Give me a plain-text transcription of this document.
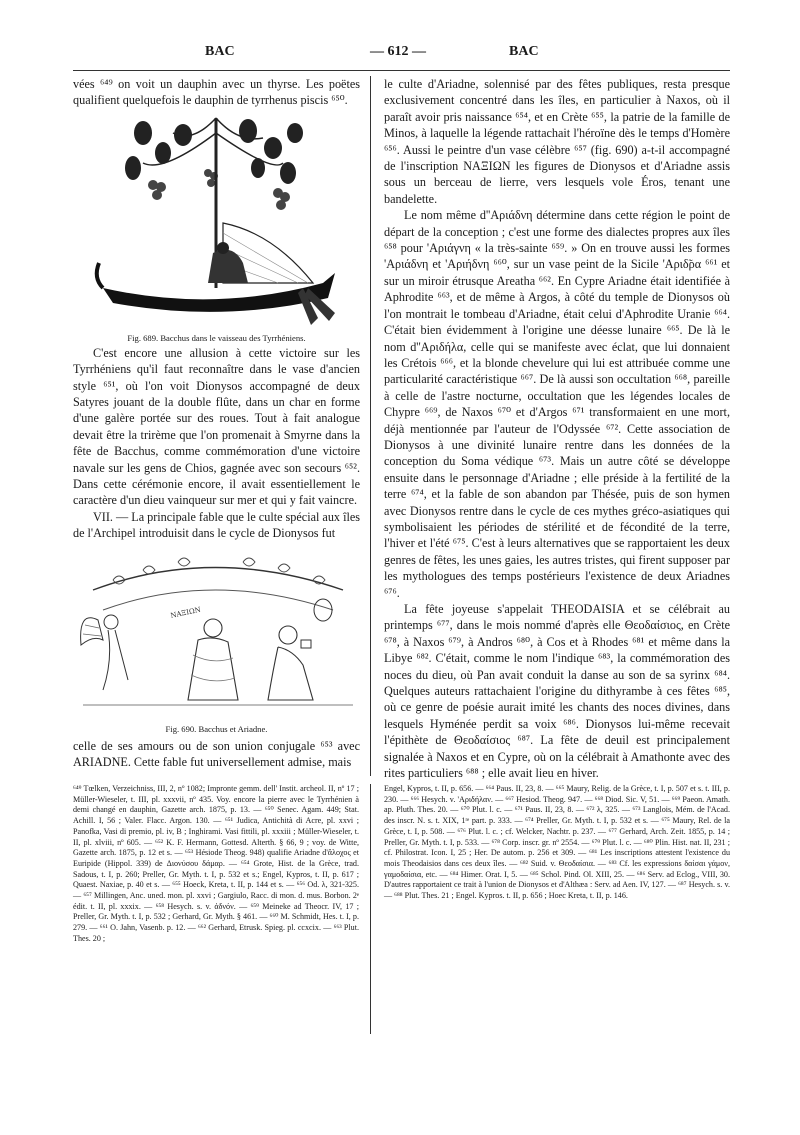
BAC	— 612 —	BAC

vées ⁶⁴⁹ on voit un dauphin avec un thyrse. Les poëtes qualifient quelquefois le dauphin de tyrrhenus piscis ⁶⁵⁰.

Fig. 689. Bacchus dans le vaisseau des Tyrrhéniens.

C'est encore une allusion à cette victoire sur les Tyrrhéniens qu'il faut reconnaître dans le vase d'ancien style ⁶⁵¹, où l'on voit Dionysos accompagné de deux Satyres jouant de la double flûte, dans un char en forme d'une galère portée sur des roues. Tout à fait analogue devait être la trirème que l'on promenait à Smyrne dans la fête de Bacchus, comme commémoration d'une victoire navale sur les gens de Chios, gagnée avec son secours ⁶⁵². Dans cette cérémonie encore, il avait essentiellement le caractère d'un dieu vainqueur sur mer et qui y fait vaincre.

VII. — La principale fable que le culte spécial aux îles de l'Archipel introduisit dans le cycle de Dionysos fut

ΝΑΞΙΩΝ
Fig. 690. Bacchus et Ariadne.

celle de ses amours ou de son union conjugale ⁶⁵³ avec ARIADNE. Cette fable fut universellement admise, mais

le culte d'Ariadne, solennisé par des fêtes publiques, resta presque exclusivement concentré dans les îles, en particulier à Naxos, où il paraît avoir pris naissance ⁶⁵⁴, et en Crète ⁶⁵⁵, la patrie de la famille de Minos, à laquelle la légende rattachait l'héroïne dès le temps d'Homère ⁶⁵⁶. Aussi le peintre d'un vase célèbre ⁶⁵⁷ (fig. 690) a-t-il accompagné de l'inscription ΝΑΞΙΩΝ les figures de Dionysos et d'Ariadne assis sous un berceau de lierre, vers lesquels vole Éros, tenant une bandelette.

Le nom même d''Αριάδνη détermine dans cette région le point de départ de la conception ; c'est une forme des dialectes propres aux îles ⁶⁵⁸ pour 'Αριάγνη « la très-sainte ⁶⁵⁹. » On en trouve aussi les formes 'Αριάδνη et 'Αριήδνη ⁶⁶⁰, sur un vase peint de la Sicile 'Αριδ̃ρα ⁶⁶¹ et sur un miroir étrusque Areatha ⁶⁶². En Cypre Ariadne était identifiée à Aphrodite ⁶⁶³, et de même à Argos, à côté du temple de Dionysos où l'on montrait le tombeau d'Ariadne, était celui d'Aphrodite Uranie ⁶⁶⁴. C'était bien évidemment à l'origine une déesse lunaire ⁶⁶⁵. De là le nom d''Αριδήλα, celle qui se manifeste avec éclat, que lui donnaient les Crétois ⁶⁶⁶, et la blonde chevelure qui lui est attribuée comme une particularité caractéristique ⁶⁶⁷. De là aussi son occultation ⁶⁶⁸, pareille à celle de l'astre nocturne, occultation que les légendes locales de Chypre ⁶⁶⁹, de Naxos ⁶⁷⁰ et d'Argos ⁶⁷¹ transformaient en une mort, déjà mentionnée par l'auteur de l'Odyssée ⁶⁷². Cette association de Dionysos à une divinité lunaire rentre dans les données de la conception du Soma védique ⁶⁷³. Mais un autre côté se développe ensuite dans le personnage d'Ariadne ; elle préside à la fertilité de la terre ⁶⁷⁴, et la fable de son abandon par Thésée, puis de son hymen avec Dionysos rentre dans le cycle de ces mythes gréco-asiatiques qui symbolisaient les périodes de stérilité et de fécondité de la terre, l'hiver et l'été ⁶⁷⁵. C'est à leurs alternatives que se rapportaient les deux genres de fêtes, les unes gaies, les autres tristes, qui firent supposer par les mythologues des temps postérieurs l'existence de deux Ariadnes ⁶⁷⁶.

La fête joyeuse s'appelait THEODAISIA et se célébrait au printemps ⁶⁷⁷, dans le mois nommé d'après elle Θεοδαίσιος, en Crète ⁶⁷⁸, à Naxos ⁶⁷⁹, à Andros ⁶⁸⁰, à Cos et à Rhodes ⁶⁸¹ et même dans la Libye ⁶⁸². C'était, comme le nom l'indique ⁶⁸³, la commémoration des noces du dieu, où Pan avait conduit la danse au son de sa syrinx ⁶⁸⁴. Quelques auteurs rattachaient l'origine du dithyrambe à ces fêtes ⁶⁸⁵, où ce genre de poésie aurait imité les chants des noces divines, dans lesquels Hyménée perdit sa voix ⁶⁸⁶. Dionysos lui-même recevait l'épithète de Θεοδαίσιος ⁶⁸⁷. La fête de deuil est principalement signalée à Naxos et en Cypre, où on la célébrait à Amathonte avec des rites particuliers ⁶⁸⁸ ; elle avait lieu en hiver.

⁶⁴⁹ Tœlken, Verzeichniss, III, 2, nº 1082; Impronte gemm. dell' Instit. archeol. II, nº 17 ; Müller-Wieseler, t. III, pl. xxxvii, nº 435. Voy. encore la pierre avec le Tyrrhénien à demi changé en dauphin, Gazette arch. 1875, p. 13. — ⁶⁵⁰ Senec. Agam. 449; Stat. Achill. I, 56 ; Valer. Flacc. Argon. 130. — ⁶⁵¹ Judica, Antichità di Acre, pl. xxvi ; Panofka, Vasi di premio, pl. iv, B ; Inghirami. Vasi fittili, pl. xxxiii ; Müller-Wieseler, t. II, pl. xlviii, nº 605. — ⁶⁵² K. F. Hermann, Gottesd. Alterth. § 66, 9 ; voy. de Witte, Gazette arch. 1875, p. 12 et s. — ⁶⁵³ Hésiode Theog. 948) qualifie Ariadne d'ἄλοχος et Euripide (Hippol. 339) de Διονύσου δάμαρ. — ⁶⁵⁴ Grote, Hist. de la Grèce, trad. Sadous, t. I, p. 260; Preller, Gr. Myth. t. I, p. 532 et s.; Engel, Kypros, t. II, p. 617 ; Quaest. Naxiae, p. 40 et s. — ⁶⁵⁵ Hoeck, Kreta, t. II, p. 144 et s. — ⁶⁵⁶ Od. λ, 321-325. — ⁶⁵⁷ Millingen, Anc. uned. mon. pl. xxvi ; Gargiulo, Racc. di mon. d. mus. Borbon. 2ᵉ édit. t. II, pl. xxxix. — ⁶⁵⁸ Hesych. s. v. ἀδνόν. — ⁶⁵⁹ Meineke ad Theocr. IV, 17 ; Preller, Gr. Myth. t. I, p. 532 ; Gerhard, Gr. Myth. § 461. — ⁶⁶⁰ M. Schmidt, Hes. t. I, p. 279. — ⁶⁶¹ O. Jahn, Vasenb. p. 12. — ⁶⁶² Gerhard, Etrusk. Spieg. pl. ccxcix. — ⁶⁶³ Plut. Thes. 20 ;
Engel, Kypros, t. II, p. 656. — ⁶⁶⁴ Paus. II, 23, 8. — ⁶⁶⁵ Maury, Relig. de la Grèce, t. I, p. 507 et s. t. III, p. 230. — ⁶⁶⁶ Hesych. v. 'Αριδήλαν. — ⁶⁶⁷ Hesiod. Theog. 947. — ⁶⁶⁸ Diod. Sic. V, 51. — ⁶⁶⁹ Paeon. Amath. ap. Pluth. Thes. 20. — ⁶⁷⁰ Plut. l. c. — ⁶⁷¹ Paus. II, 23, 8. — ⁶⁷² λ, 325. — ⁶⁷³ Langlois, Mém. de l'Acad. des inscr. N. s. t. XIX, 1ʳᵉ part. p. 333. — ⁶⁷⁴ Preller, Gr. Myth. t. I, p. 532 et s. — ⁶⁷⁵ Maury, Rel. de la Grèce, t. I, p. 508. — ⁶⁷⁶ Plut. l. c. ; cf. Welcker, Nachtr. p. 237. — ⁶⁷⁷ Gerhard, Arch. Zeit. 1855, p. 14 ; Preller, Gr. Myth. t. I, p. 533. — ⁶⁷⁸ Corp. inscr. gr. nº 2554. — ⁶⁷⁹ Plut. l. c. — ⁶⁸⁰ Plin. Hist. nat. II, 231 ; cf. Philostrat. Icon. I, 25 ; Her. De autom. p. 256 et 309. — ⁶⁸¹ Les inscriptions attestent l'existence du mois Theodaisios dans ces deux îles. — ⁶⁸² Suid. v. Θεοδαίσια. — ⁶⁸³ Cf. les expressions δαίσαι γάμον, γαμοδαίσια, etc. — ⁶⁸⁴ Himer. Orat. I, 5. — ⁶⁸⁵ Schol. Pind. Ol. XIII, 25. — ⁶⁸⁶ Serv. ad Eclog., VIII, 30. D'autres rapportaient ce trait à l'union de Dionysos et d'Althæa : Serv. ad Aen. IV, 127. — ⁶⁸⁷ Hesych. s. v. — ⁶⁸⁸ Plut. Thes. 21 ; Engel. Kypros. t. II, p. 656 ; Hoec Kreta, t. II, p. 146.
